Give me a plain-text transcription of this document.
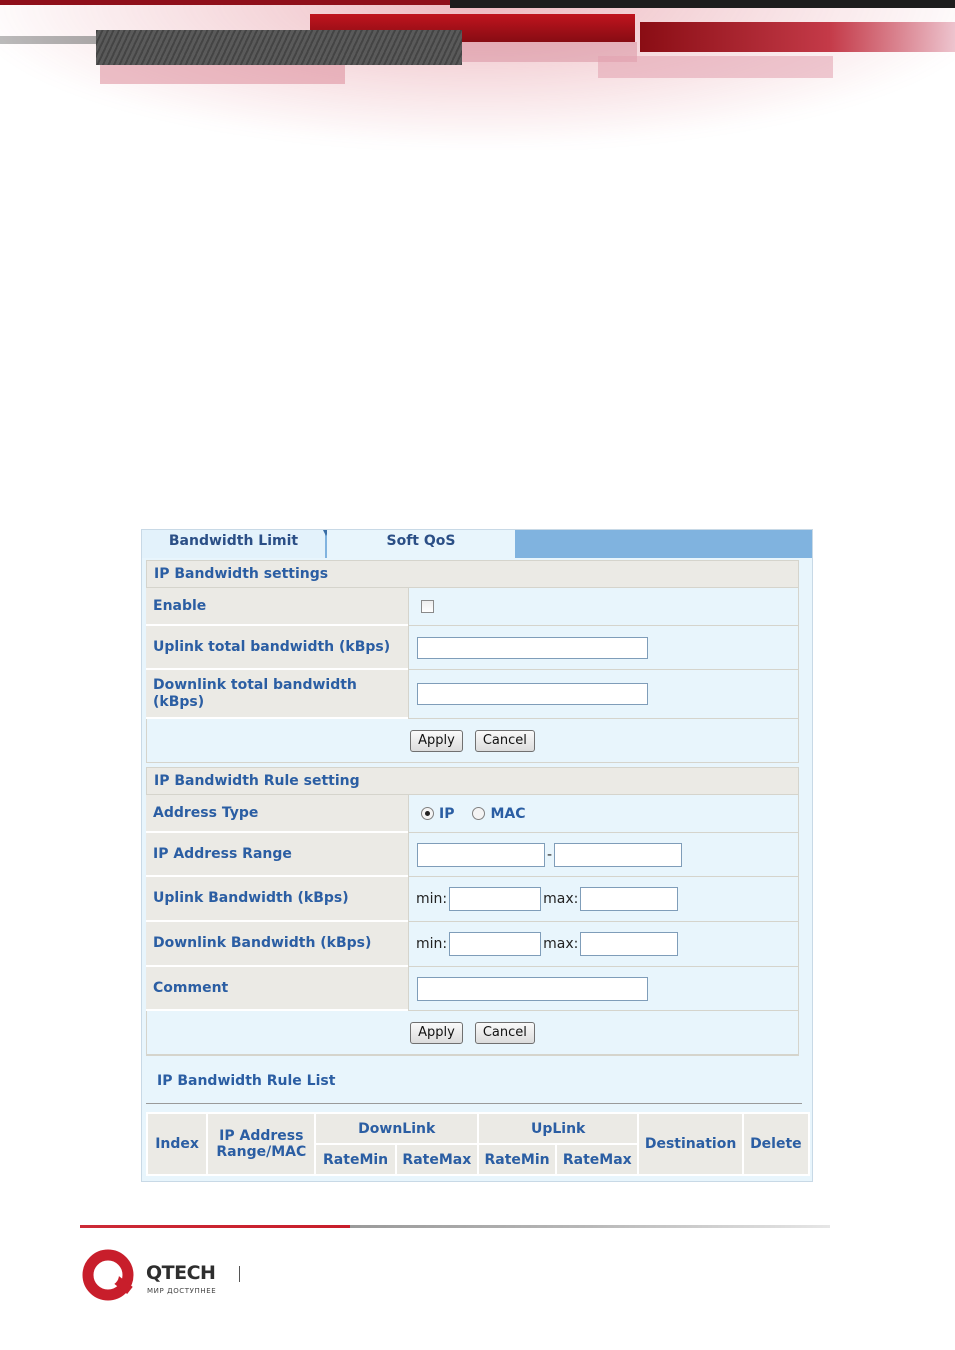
Bandwidth Limit	Soft QoS
IP Bandwidth settings
Enable
Uplink total bandwidth (kBps)
Downlink total bandwidth (kBps)
Apply	Cancel
IP Bandwidth Rule setting
Address Type	IP	MAC
IP Address Range	-
Uplink Bandwidth (kBps)	min:	max:
Downlink Bandwidth (kBps)	min:	max:
Comment
Apply	Cancel
IP Bandwidth Rule List
Index	IP Address Range/MAC	DownLink		UpLink		Destination	Delete
		RateMin	RateMax	RateMin	RateMax		
QTECH
МИР ДОСТУПНЕЕ
